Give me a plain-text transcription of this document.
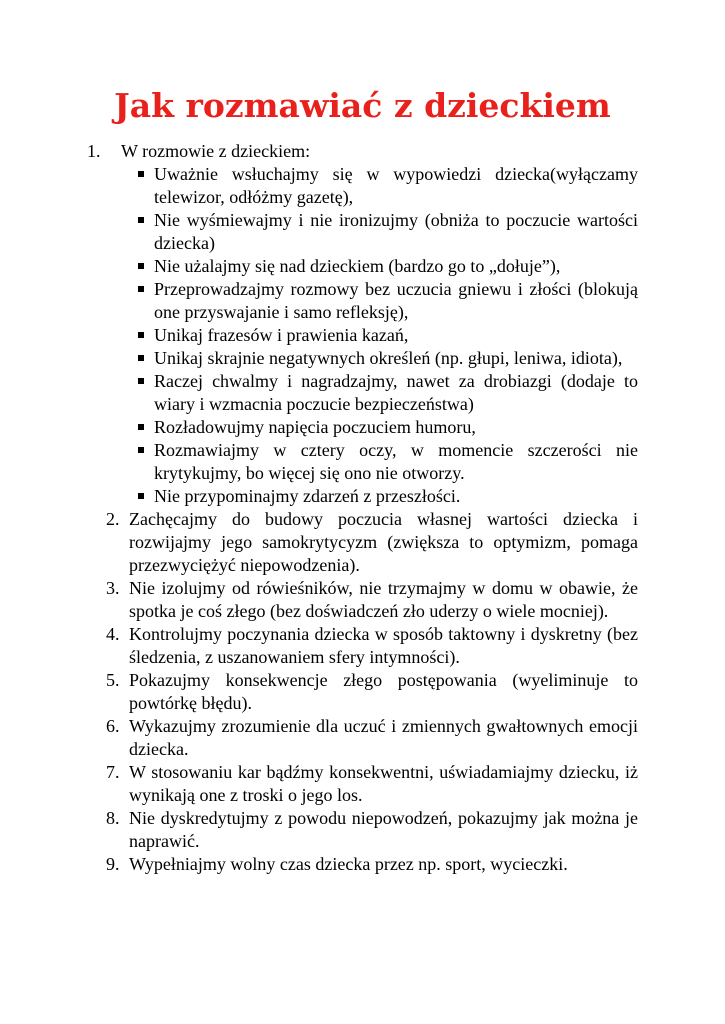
Jak rozmawiać z dzieckiem
1. W rozmowie z dzieckiem:
Uważnie wsłuchajmy się w wypowiedzi dziecka(wyłączamy telewizor, odłóżmy gazetę),
Nie wyśmiewajmy i nie ironizujmy (obniża to poczucie wartości dziecka)
Nie użalajmy się nad dzieckiem (bardzo go to „dołuje”),
Przeprowadzajmy rozmowy bez uczucia gniewu i złości (blokują one przyswajanie i samo refleksję),
Unikaj frazesów i prawienia kazań,
Unikaj skrajnie negatywnych określeń (np. głupi, leniwa, idiota),
Raczej chwalmy i nagradzajmy, nawet za drobiazgi (dodaje to wiary i wzmacnia poczucie bezpieczeństwa)
Rozładowujmy napięcia poczuciem humoru,
Rozmawiajmy w cztery oczy, w momencie szczerości nie krytykujmy, bo więcej się ono nie otworzy.
Nie przypominajmy zdarzeń z przeszłości.
2. Zachęcajmy do budowy poczucia własnej wartości dziecka i rozwijajmy jego samokrytycyzm (zwiększa to optymizm, pomaga przezwyciężyć niepowodzenia).
3. Nie izolujmy od rówieśników, nie trzymajmy w domu w obawie, że spotka je coś złego (bez doświadczeń zło uderzy o wiele mocniej).
4. Kontrolujmy poczynania dziecka w sposób taktowny i dyskretny (bez śledzenia, z uszanowaniem sfery intymności).
5. Pokazujmy konsekwencje złego postępowania (wyeliminuje to powtórkę błędu).
6. Wykazujmy zrozumienie dla uczuć i zmiennych gwałtownych emocji dziecka.
7. W stosowaniu kar bądźmy konsekwentni, uświadamiajmy dziecku, iż wynikają one z troski o jego los.
8. Nie dyskredytujmy z powodu niepowodzeń, pokazujmy jak można je naprawić.
9. Wypełniajmy wolny czas dziecka przez np. sport, wycieczki.
